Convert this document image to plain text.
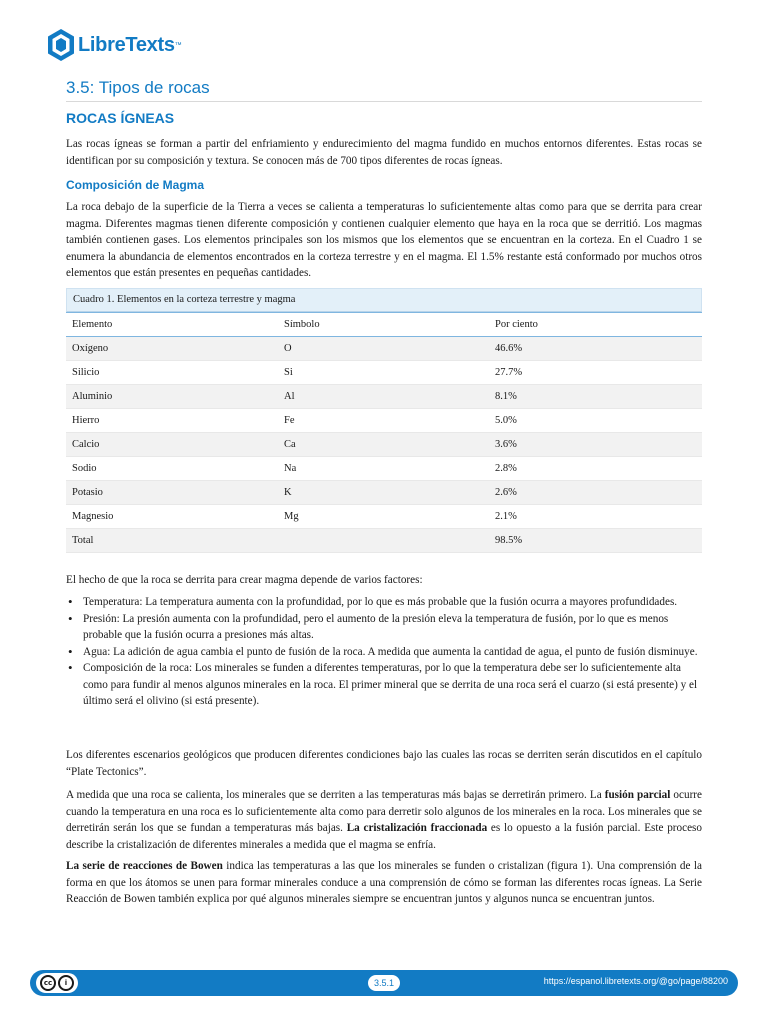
LibreTexts ™
3.5: Tipos de rocas
ROCAS ÍGNEAS

Las rocas ígneas se forman a partir del enfriamiento y endurecimiento del magma fundido en muchos entornos diferentes. Estas rocas se identifican por su composición y textura. Se conocen más de 700 tipos diferentes de rocas ígneas.

Composición de Magma

La roca debajo de la superficie de la Tierra a veces se calienta a temperaturas lo suficientemente altas como para que se derrita para crear magma. Diferentes magmas tienen diferente composición y contienen cualquier elemento que haya en la roca que se derritió. Los magmas también contienen gases. Los elementos principales son los mismos que los elementos que se encuentran en la corteza. En el Cuadro 1 se enumera la abundancia de elementos encontrados en la corteza terrestre y en el magma. El 1.5% restante está conformado por muchos otros elementos que están presentes en pequeñas cantidades.

Cuadro 1. Elementos en la corteza terrestre y magma
Elemento	Símbolo	Por ciento
Oxígeno	O	46.6%
Silicio	Si	27.7%
Aluminio	Al	8.1%
Hierro	Fe	5.0%
Calcio	Ca	3.6%
Sodio	Na	2.8%
Potasio	K	2.6%
Magnesio	Mg	2.1%
Total		98.5%

El hecho de que la roca se derrita para crear magma depende de varios factores:

• Temperatura: La temperatura aumenta con la profundidad, por lo que es más probable que la fusión ocurra a mayores profundidades.
• Presión: La presión aumenta con la profundidad, pero el aumento de la presión eleva la temperatura de fusión, por lo que es menos probable que la fusión ocurra a presiones más altas.
• Agua: La adición de agua cambia el punto de fusión de la roca. A medida que aumenta la cantidad de agua, el punto de fusión disminuye.
• Composición de la roca: Los minerales se funden a diferentes temperaturas, por lo que la temperatura debe ser lo suficientemente alta como para fundir al menos algunos minerales en la roca. El primer mineral que se derrita de una roca será el cuarzo (si está presente) y el último será el olivino (si está presente).

Los diferentes escenarios geológicos que producen diferentes condiciones bajo las cuales las rocas se derriten serán discutidos en el capítulo “Plate Tectonics”.

A medida que una roca se calienta, los minerales que se derriten a las temperaturas más bajas se derretirán primero. La fusión parcial ocurre cuando la temperatura en una roca es lo suficientemente alta como para derretir solo algunos de los minerales en la roca. Los minerales que se derretirán serán los que se fundan a temperaturas más bajas. La cristalización fraccionada es lo opuesto a la fusión parcial. Este proceso describe la cristalización de diferentes minerales a medida que el magma se enfría.

La serie de reacciones de Bowen indica las temperaturas a las que los minerales se funden o cristalizan (figura 1). Una comprensión de la forma en que los átomos se unen para formar minerales conduce a una comprensión de cómo se forman las diferentes rocas ígneas. La Serie Reacción de Bowen también explica por qué algunos minerales siempre se encuentran juntos y algunos nunca se encuentran juntos.

cc	i	3.5.1	https://espanol.libretexts.org/@go/page/88200
